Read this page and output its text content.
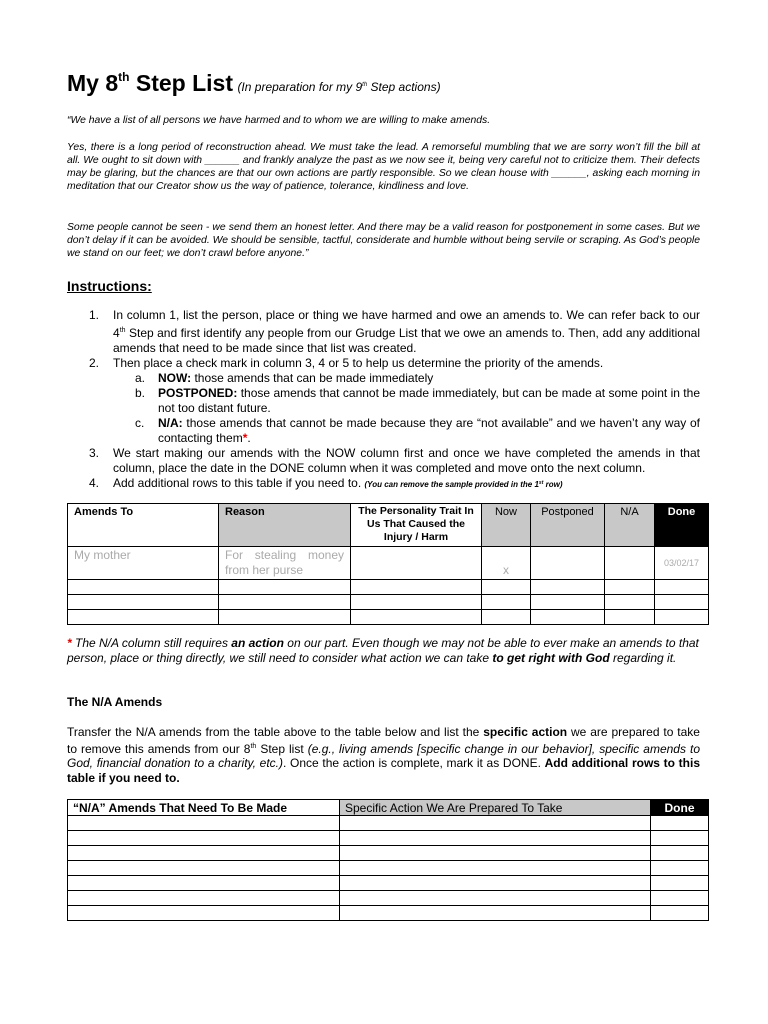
My 8th Step List (In preparation for my 9th Step actions)
“We have a list of all persons we have harmed and to whom we are willing to make amends.
Yes, there is a long period of reconstruction ahead. We must take the lead. A remorseful mumbling that we are sorry won’t fill the bill at all. We ought to sit down with ______ and frankly analyze the past as we now see it, being very careful not to criticize them. Their defects may be glaring, but the chances are that our own actions are partly responsible. So we clean house with ______, asking each morning in meditation that our Creator show us the way of patience, tolerance, kindliness and love.
Some people cannot be seen - we send them an honest letter. And there may be a valid reason for postponement in some cases. But we don’t delay if it can be avoided. We should be sensible, tactful, considerate and humble without being servile or scraping. As God’s people we stand on our feet; we don’t crawl before anyone.”
Instructions:
1. In column 1, list the person, place or thing we have harmed and owe an amends to. We can refer back to our 4th Step and first identify any people from our Grudge List that we owe an amends to. Then, add any additional amends that need to be made since that list was created.
2. Then place a check mark in column 3, 4 or 5 to help us determine the priority of the amends.
a. NOW: those amends that can be made immediately
b. POSTPONED: those amends that cannot be made immediately, but can be made at some point in the not too distant future.
c. N/A: those amends that cannot be made because they are “not available” and we haven’t any way of contacting them*.
3. We start making our amends with the NOW column first and once we have completed the amends in that column, place the date in the DONE column when it was completed and move onto the next column.
4. Add additional rows to this table if you need to. (You can remove the sample provided in the 1st row)
Amends To	Reason	The Personality Trait In Us That Caused the Injury / Harm	Now	Postponed	N/A	Done
My mother	For stealing money from her purse		x			03/02/17

* The N/A column still requires an action on our part. Even though we may not be able to ever make an amends to that person, place or thing directly, we still need to consider what action we can take to get right with God regarding it.
The N/A Amends
Transfer the N/A amends from the table above to the table below and list the specific action we are prepared to take to remove this amends from our 8th Step list (e.g., living amends [specific change in our behavior], specific amends to God, financial donation to a charity, etc.). Once the action is complete, mark it as DONE. Add additional rows to this table if you need to.
“N/A” Amends That Need To Be Made	Specific Action We Are Prepared To Take	Done
